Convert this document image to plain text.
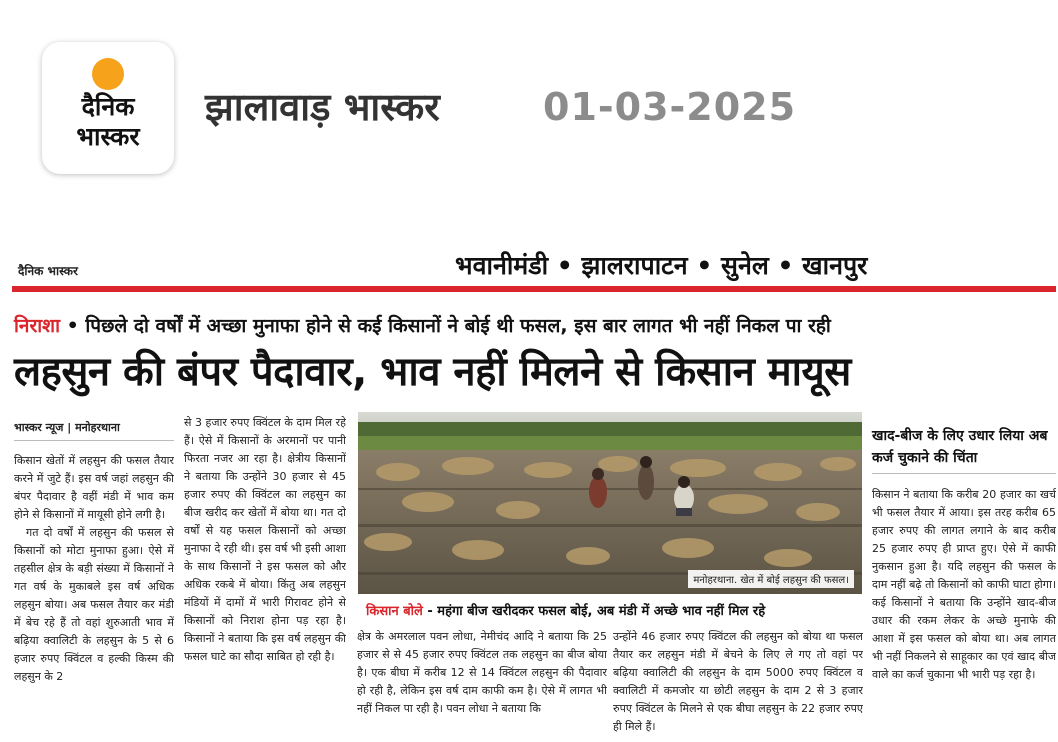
दैनिक
भास्कर
झालावाड़ भास्कर	01-03-2025
दैनिक भास्कर	भवानीमंडी • झालरापाटन • सुनेल • खानपुर
निराशा • पिछले दो वर्षों में अच्छा मुनाफा होने से कई किसानों ने बोई थी फसल, इस बार लागत भी नहीं निकल पा रही
लहसुन की बंपर पैदावार, भाव नहीं मिलने से किसान मायूस
भास्कर न्यूज | मनोहरथाना

किसान खेतों में लहसुन की फसल तैयार करने में जुटे हैं। इस वर्ष जहां लहसुन की बंपर पैदावार है वहीं मंडी में भाव कम होने से किसानों में मायूसी होने लगी है।

गत दो वर्षों में लहसुन की फसल से किसानों को मोटा मुनाफा हुआ। ऐसे में तहसील क्षेत्र के बड़ी संख्या में किसानों ने गत वर्ष के मुकाबले इस वर्ष अधिक लहसुन बोया। अब फसल तैयार कर मंडी में बेच रहे हैं तो वहां शुरुआती भाव में बढ़िया क्वालिटी के लहसुन के 5 से 6 हजार रुपए क्विंटल व हल्की किस्म की लहसुन के 2

से 3 हजार रुपए क्विंटल के दाम मिल रहे हैं। ऐसे में किसानों के अरमानों पर पानी फिरता नजर आ रहा है। क्षेत्रीय किसानों ने बताया कि उन्होंने 30 हजार से 45 हजार रुपए की क्विंटल का लहसुन का बीज खरीद कर खेतों में बोया था। गत दो वर्षों से यह फसल किसानों को अच्छा मुनाफा दे रही थी। इस वर्ष भी इसी आशा के साथ किसानों ने इस फसल को और अधिक रकबे में बोया। किंतु अब लहसुन मंडियों में दामों में भारी गिरावट होने से किसानों को निराश होना पड़ रहा है। किसानों ने बताया कि इस वर्ष लहसुन की फसल घाटे का सौदा साबित हो रही है।

मनोहरथाना. खेत में बोई लहसुन की फसल।
किसान बोले - महंगा बीज खरीदकर फसल बोई, अब मंडी में अच्छे भाव नहीं मिल रहे

क्षेत्र के अमरलाल पवन लोधा, नेमीचंद आदि ने बताया कि 25 हजार से से 45 हजार रुपए क्विंटल तक लहसुन का बीज बोया है। एक बीघा में करीब 12 से 14 क्विंटल लहसुन की पैदावार हो रही है, लेकिन इस वर्ष दाम काफी कम है। ऐसे में लागत भी नहीं निकल पा रही है। पवन लोधा ने बताया कि

उन्होंने 46 हजार रुपए क्विंटल की लहसुन को बोया था फसल तैयार कर लहसुन मंडी में बेचने के लिए ले गए तो वहां पर बढ़िया क्वालिटी की लहसुन के दाम 5000 रुपए क्विंटल व क्वालिटी में कमजोर या छोटी लहसुन के दाम 2 से 3 हजार रुपए क्विंटल के मिलने से एक बीघा लहसुन के 22 हजार रुपए ही मिले हैं।

खाद-बीज के लिए उधार लिया अब कर्ज चुकाने की चिंता

किसान ने बताया कि करीब 20 हजार का खर्च भी फसल तैयार में आया। इस तरह करीब 65 हजार रुपए की लागत लगाने के बाद करीब 25 हजार रुपए ही प्राप्त हुए। ऐसे में काफी नुकसान हुआ है। यदि लहसुन की फसल के दाम नहीं बढ़े तो किसानों को काफी घाटा होगा। कई किसानों ने बताया कि उन्होंने खाद-बीज उधार की रकम लेकर के अच्छे मुनाफे की आशा में इस फसल को बोया था। अब लागत भी नहीं निकलने से साहूकार का एवं खाद बीज वाले का कर्ज चुकाना भी भारी पड़ रहा है।
